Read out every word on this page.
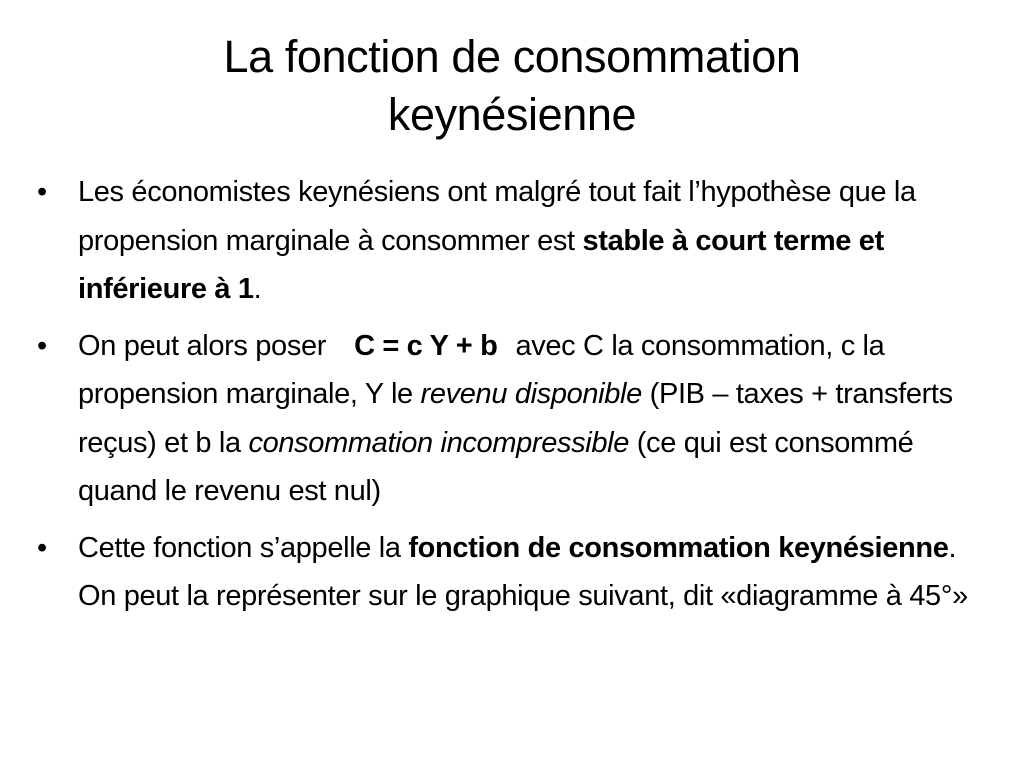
La fonction de consommation
keynésienne
•	Les économistes keynésiens ont malgré tout fait l’hypothèse que la propension marginale à consommer est stable à court terme et inférieure à 1.
•	On peut alors poser C = c Y + b avec C la consommation, c la propension marginale, Y le revenu disponible (PIB – taxes + transferts reçus) et b la consommation incompressible (ce qui est consommé quand le revenu est nul)
•	Cette fonction s’appelle la fonction de consommation keynésienne. On peut la représenter sur le graphique suivant, dit «diagramme à 45°»
